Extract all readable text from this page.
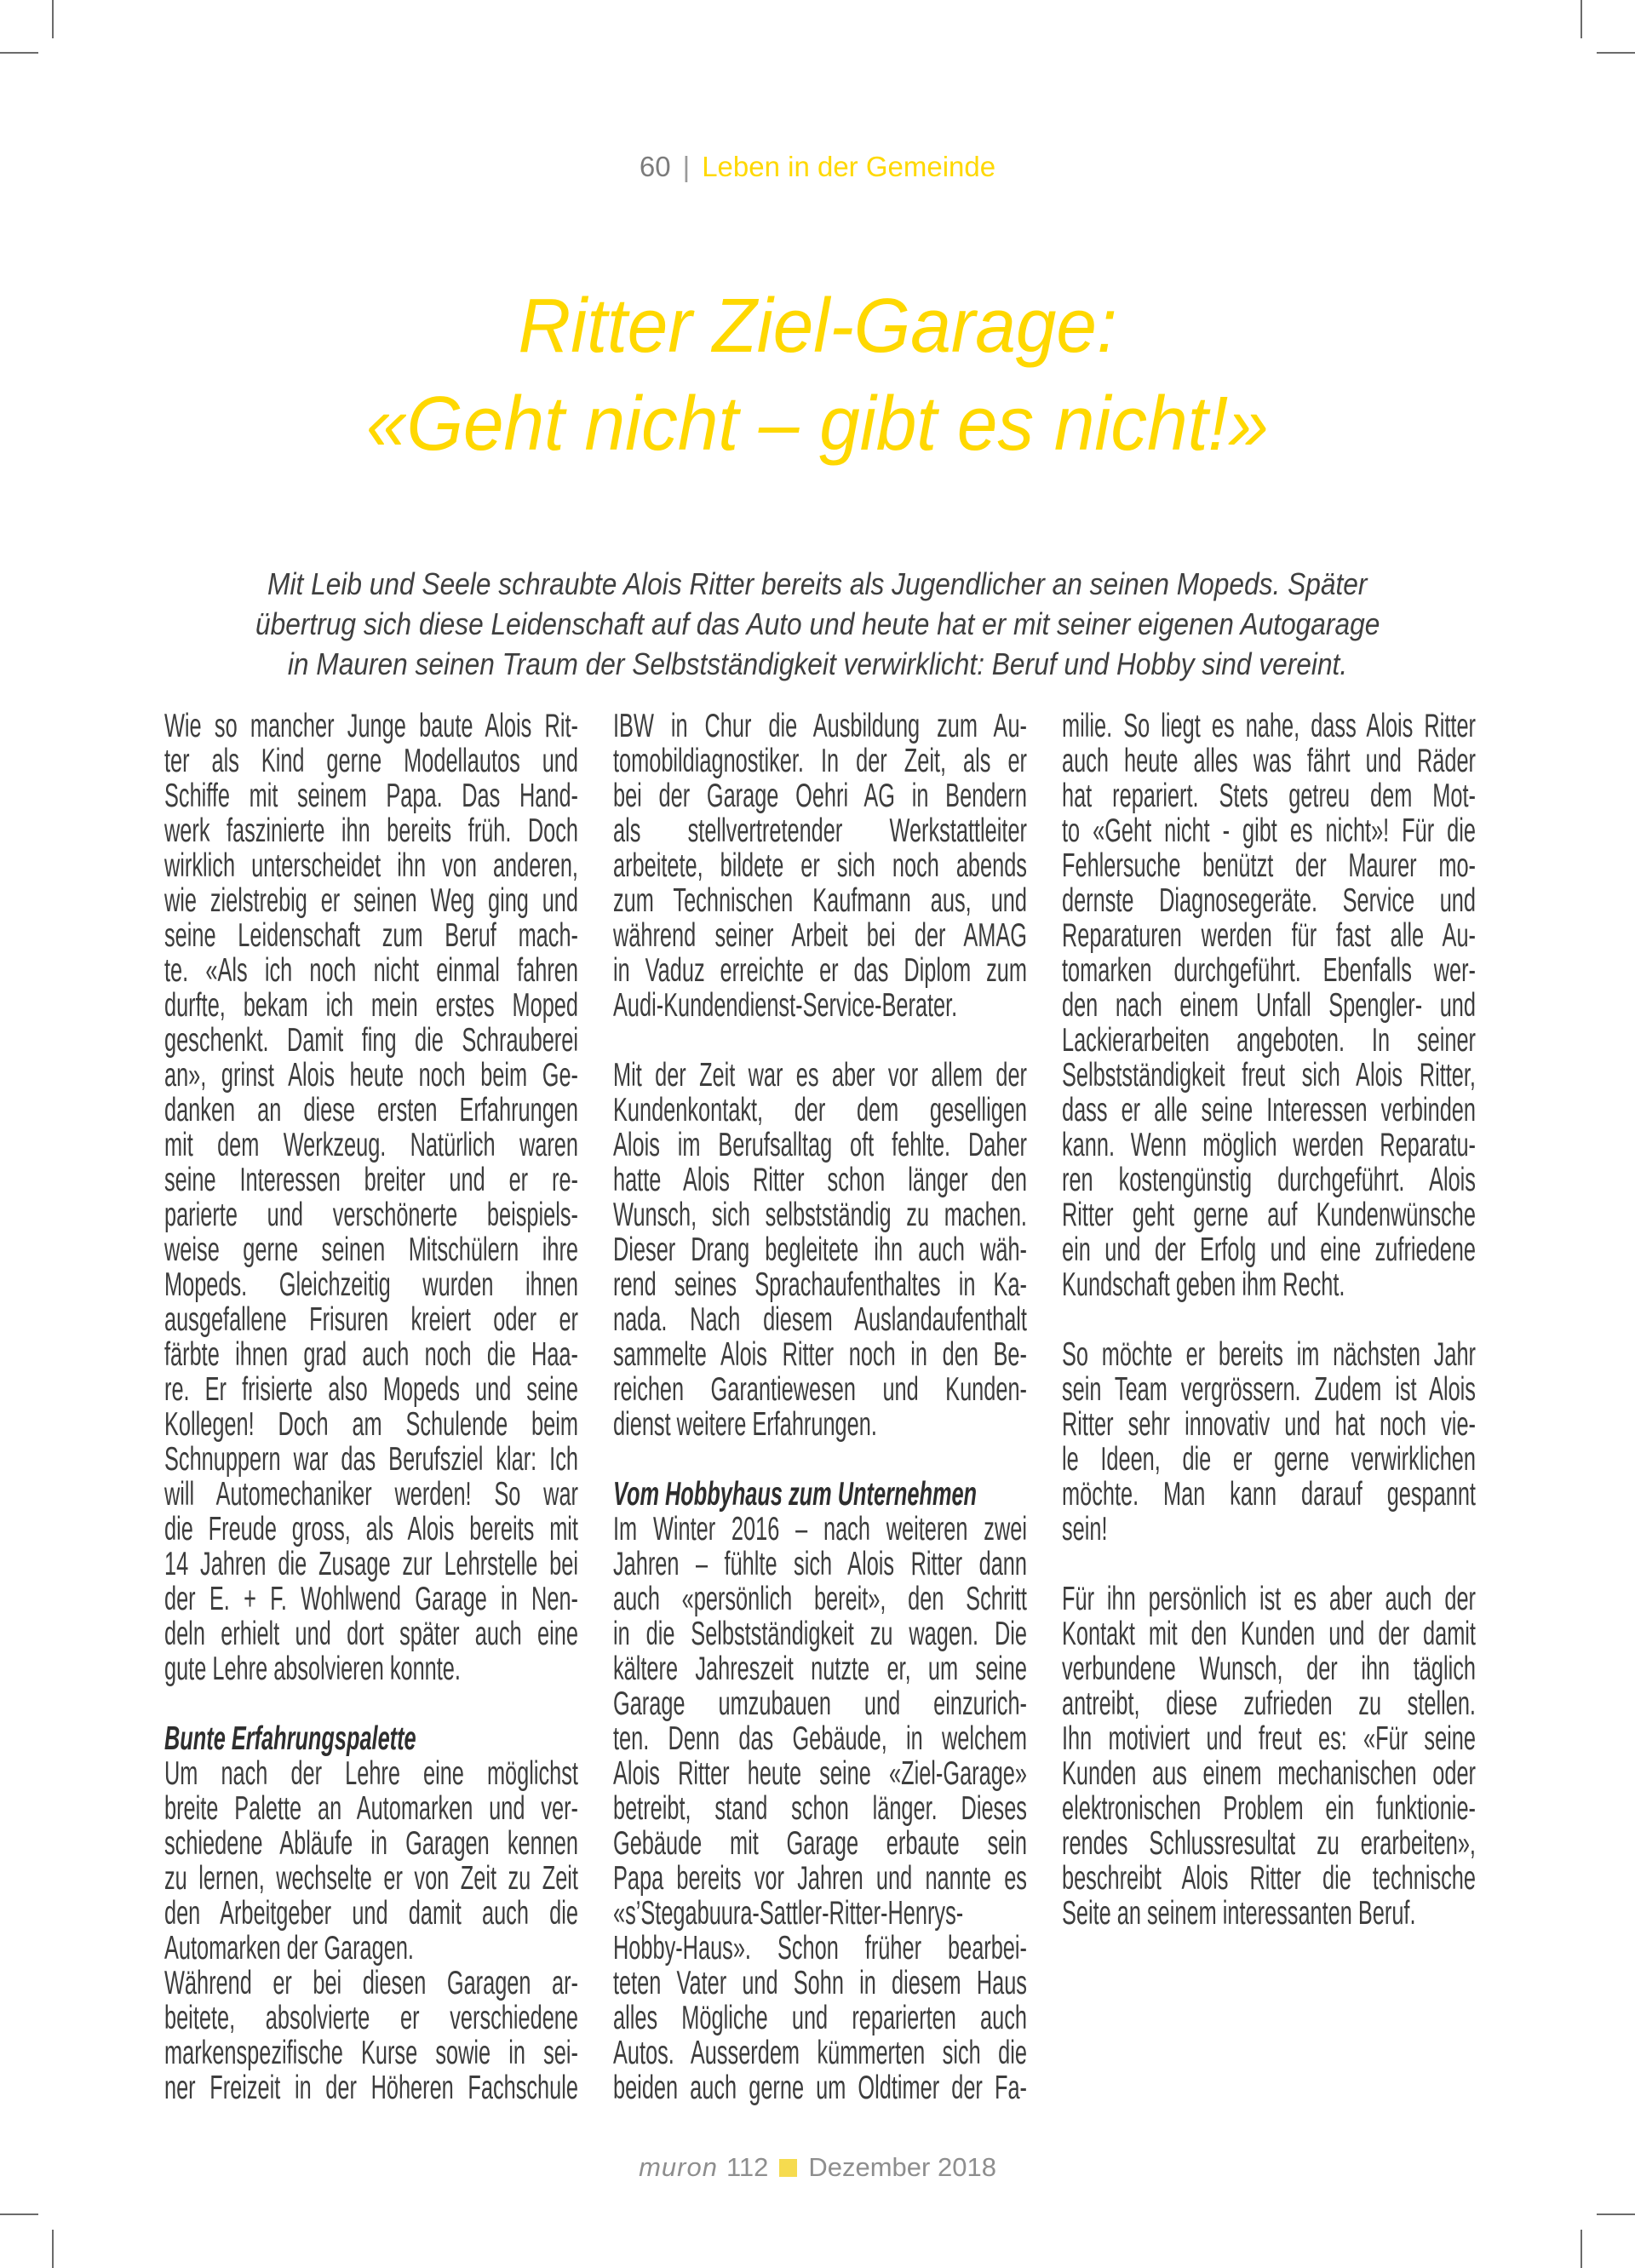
60 | Leben in der Gemeinde
Ritter Ziel-Garage:
«Geht nicht – gibt es nicht!»
Mit Leib und Seele schraubte Alois Ritter bereits als Jugendlicher an seinen Mopeds. Später
übertrug sich diese Leidenschaft auf das Auto und heute hat er mit seiner eigenen Autogarage
in Mauren seinen Traum der Selbstständigkeit verwirklicht: Beruf und Hobby sind vereint.
Wie so mancher Junge baute Alois Rit-
ter als Kind gerne Modellautos und
Schiffe mit seinem Papa. Das Hand-
werk faszinierte ihn bereits früh. Doch
wirklich unterscheidet ihn von anderen,
wie zielstrebig er seinen Weg ging und
seine Leidenschaft zum Beruf mach-
te. «Als ich noch nicht einmal fahren
durfte, bekam ich mein erstes Moped
geschenkt. Damit fing die Schrauberei
an», grinst Alois heute noch beim Ge-
danken an diese ersten Erfahrungen
mit dem Werkzeug. Natürlich waren
seine Interessen breiter und er re-
parierte und verschönerte beispiels-
weise gerne seinen Mitschülern ihre
Mopeds. Gleichzeitig wurden ihnen
ausgefallene Frisuren kreiert oder er
färbte ihnen grad auch noch die Haa-
re. Er frisierte also Mopeds und seine
Kollegen! Doch am Schulende beim
Schnuppern war das Berufsziel klar: Ich
will Automechaniker werden! So war
die Freude gross, als Alois bereits mit
14 Jahren die Zusage zur Lehrstelle bei
der E. + F. Wohlwend Garage in Nen-
deln erhielt und dort später auch eine
gute Lehre absolvieren konnte.
Bunte Erfahrungspalette
Um nach der Lehre eine möglichst
breite Palette an Automarken und ver-
schiedene Abläufe in Garagen kennen
zu lernen, wechselte er von Zeit zu Zeit
den Arbeitgeber und damit auch die
Automarken der Garagen.
Während er bei diesen Garagen ar-
beitete, absolvierte er verschiedene
markenspezifische Kurse sowie in sei-
ner Freizeit in der Höheren Fachschule
IBW in Chur die Ausbildung zum Au-
tomobildiagnostiker. In der Zeit, als er
bei der Garage Oehri AG in Bendern
als stellvertretender Werkstattleiter
arbeitete, bildete er sich noch abends
zum Technischen Kaufmann aus, und
während seiner Arbeit bei der AMAG
in Vaduz erreichte er das Diplom zum
Audi-Kundendienst-Service-Berater.
Mit der Zeit war es aber vor allem der
Kundenkontakt, der dem geselligen
Alois im Berufsalltag oft fehlte. Daher
hatte Alois Ritter schon länger den
Wunsch, sich selbstständig zu machen.
Dieser Drang begleitete ihn auch wäh-
rend seines Sprachaufenthaltes in Ka-
nada. Nach diesem Auslandaufenthalt
sammelte Alois Ritter noch in den Be-
reichen Garantiewesen und Kunden-
dienst weitere Erfahrungen.
Vom Hobbyhaus zum Unternehmen
Im Winter 2016 – nach weiteren zwei
Jahren – fühlte sich Alois Ritter dann
auch «persönlich bereit», den Schritt
in die Selbstständigkeit zu wagen. Die
kältere Jahreszeit nutzte er, um seine
Garage umzubauen und einzurich-
ten. Denn das Gebäude, in welchem
Alois Ritter heute seine «Ziel-Garage»
betreibt, stand schon länger. Dieses
Gebäude mit Garage erbaute sein
Papa bereits vor Jahren und nannte es
«s’Stegabuura-Sattler-Ritter-Henrys-
Hobby-Haus». Schon früher bearbei-
teten Vater und Sohn in diesem Haus
alles Mögliche und reparierten auch
Autos. Ausserdem kümmerten sich die
beiden auch gerne um Oldtimer der Fa-
milie. So liegt es nahe, dass Alois Ritter
auch heute alles was fährt und Räder
hat repariert. Stets getreu dem Mot-
to «Geht nicht - gibt es nicht»! Für die
Fehlersuche benützt der Maurer mo-
dernste Diagnosegeräte. Service und
Reparaturen werden für fast alle Au-
tomarken durchgeführt. Ebenfalls wer-
den nach einem Unfall Spengler- und
Lackierarbeiten angeboten. In seiner
Selbstständigkeit freut sich Alois Ritter,
dass er alle seine Interessen verbinden
kann. Wenn möglich werden Reparatu-
ren kostengünstig durchgeführt. Alois
Ritter geht gerne auf Kundenwünsche
ein und der Erfolg und eine zufriedene
Kundschaft geben ihm Recht.
So möchte er bereits im nächsten Jahr
sein Team vergrössern. Zudem ist Alois
Ritter sehr innovativ und hat noch vie-
le Ideen, die er gerne verwirklichen
möchte. Man kann darauf gespannt
sein!
Für ihn persönlich ist es aber auch der
Kontakt mit den Kunden und der damit
verbundene Wunsch, der ihn täglich
antreibt, diese zufrieden zu stellen.
Ihn motiviert und freut es: «Für seine
Kunden aus einem mechanischen oder
elektronischen Problem ein funktionie-
rendes Schlussresultat zu erarbeiten»,
beschreibt Alois Ritter die technische
Seite an seinem interessanten Beruf.
muron 112 Dezember 2018
